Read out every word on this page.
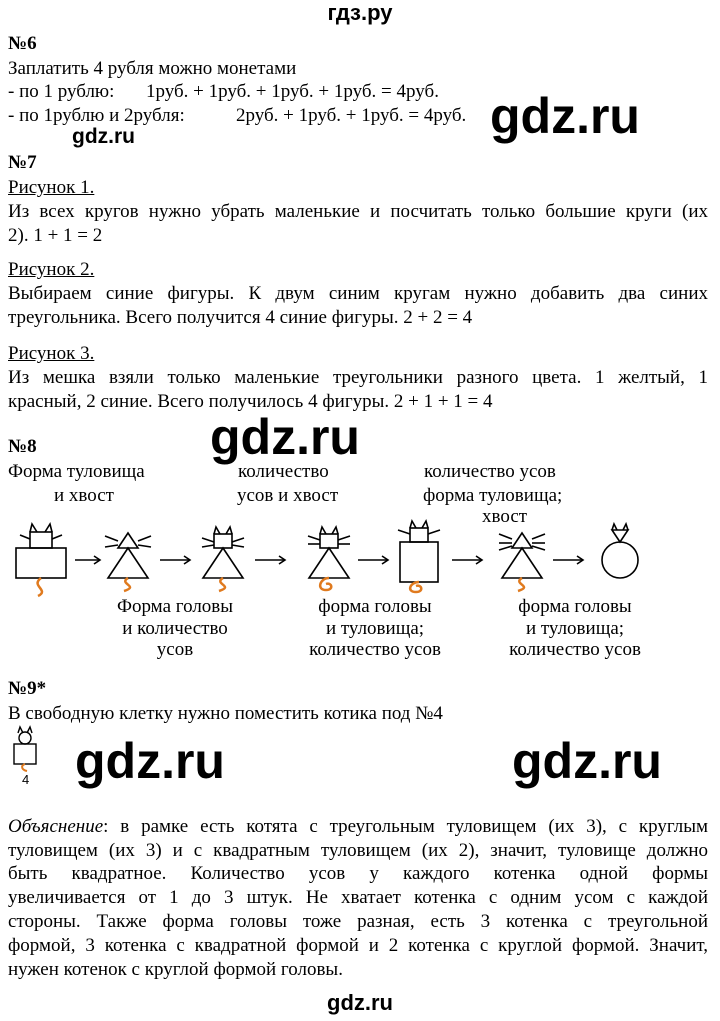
гдз.ру
№6
Заплатить 4 рубля можно монетами
- по 1 рублю: 1руб. + 1руб. + 1руб. + 1руб. = 4руб.
- по 1рублю и 2рубля:	2руб. + 1руб. + 1руб. = 4руб. gdz.ru
gdz.ru
№7
Рисунок 1.
Из всех кругов нужно убрать маленькие и посчитать только большие круги (их
2). 1 + 1 = 2
Рисунок 2.
Выбираем синие фигуры. К двум синим кругам нужно добавить два синих
треугольника. Всего получится 4 синие фигуры. 2 + 2 = 4
Рисунок 3.
Из мешка взяли только маленькие треугольники разного цвета. 1 желтый, 1
красный, 2 синие. Всего получилось 4 фигуры. 2 + 1 + 1 = 4
gdz.ru
№8
Форма туловища
и хвост
количество
усов и хвост
количество усов
форма туловища;
хвост
Форма головы
и количество
усов
форма головы
и туловища;
количество усов
форма головы
и туловища;
количество усов
№9*
В свободную клетку нужно поместить котика под №4
4 gdz.ru	gdz.ru
Объяснение: в рамке есть котята с треугольным туловищем (их 3), с круглым
туловищем (их 3) и с квадратным туловищем (их 2), значит, туловище должно
быть квадратное. Количество усов у каждого котенка одной формы
увеличивается от 1 до 3 штук. Не хватает котенка с одним усом с каждой
стороны. Также форма головы тоже разная, есть 3 котенка с треугольной
формой, 3 котенка с квадратной формой и 2 котенка с круглой формой. Значит,
нужен котенок с круглой формой головы.
gdz.ru
